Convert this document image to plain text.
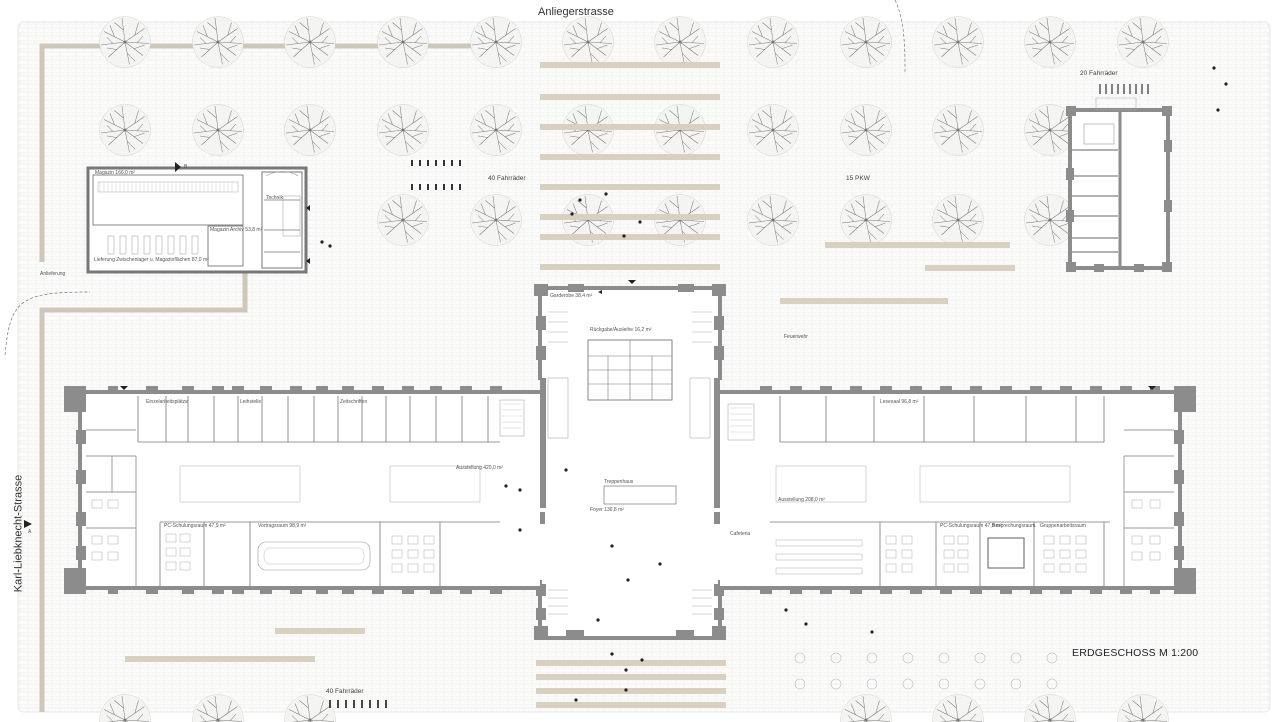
Anliegerstrasse
Karl-Liebknecht-Strasse
ERDGESCHOSS M 1:200
40 Fahrräder
40 Fahrräder
20 Fahrräder
15 PKW
Anlieferung
Feuerwehr
A
B
Magazin 166,0 m²
Magazin Archiv 53,8 m²
Technik
Lieferung Zwischenlager u. Magazinflächen 87,0 m²
Foyer 136,8 m²
Rückgabe/Ausleihe 16,2 m²
Garderobe 38,4 m²
Treppenhaus
Vortragsraum 98,9 m²
Ausstellung 420,0 m²
PC-Schulungsraum 47,9 m²
Einzelarbeitsplätze	Leihstelle	Zeitschriften	Lesesaal 96,8 m²
Ausstellung 208,0 m²
PC-Schulungsraum 47,9 m²
Besprechungsraum Gruppenarbeitsraum
Cafeteria
